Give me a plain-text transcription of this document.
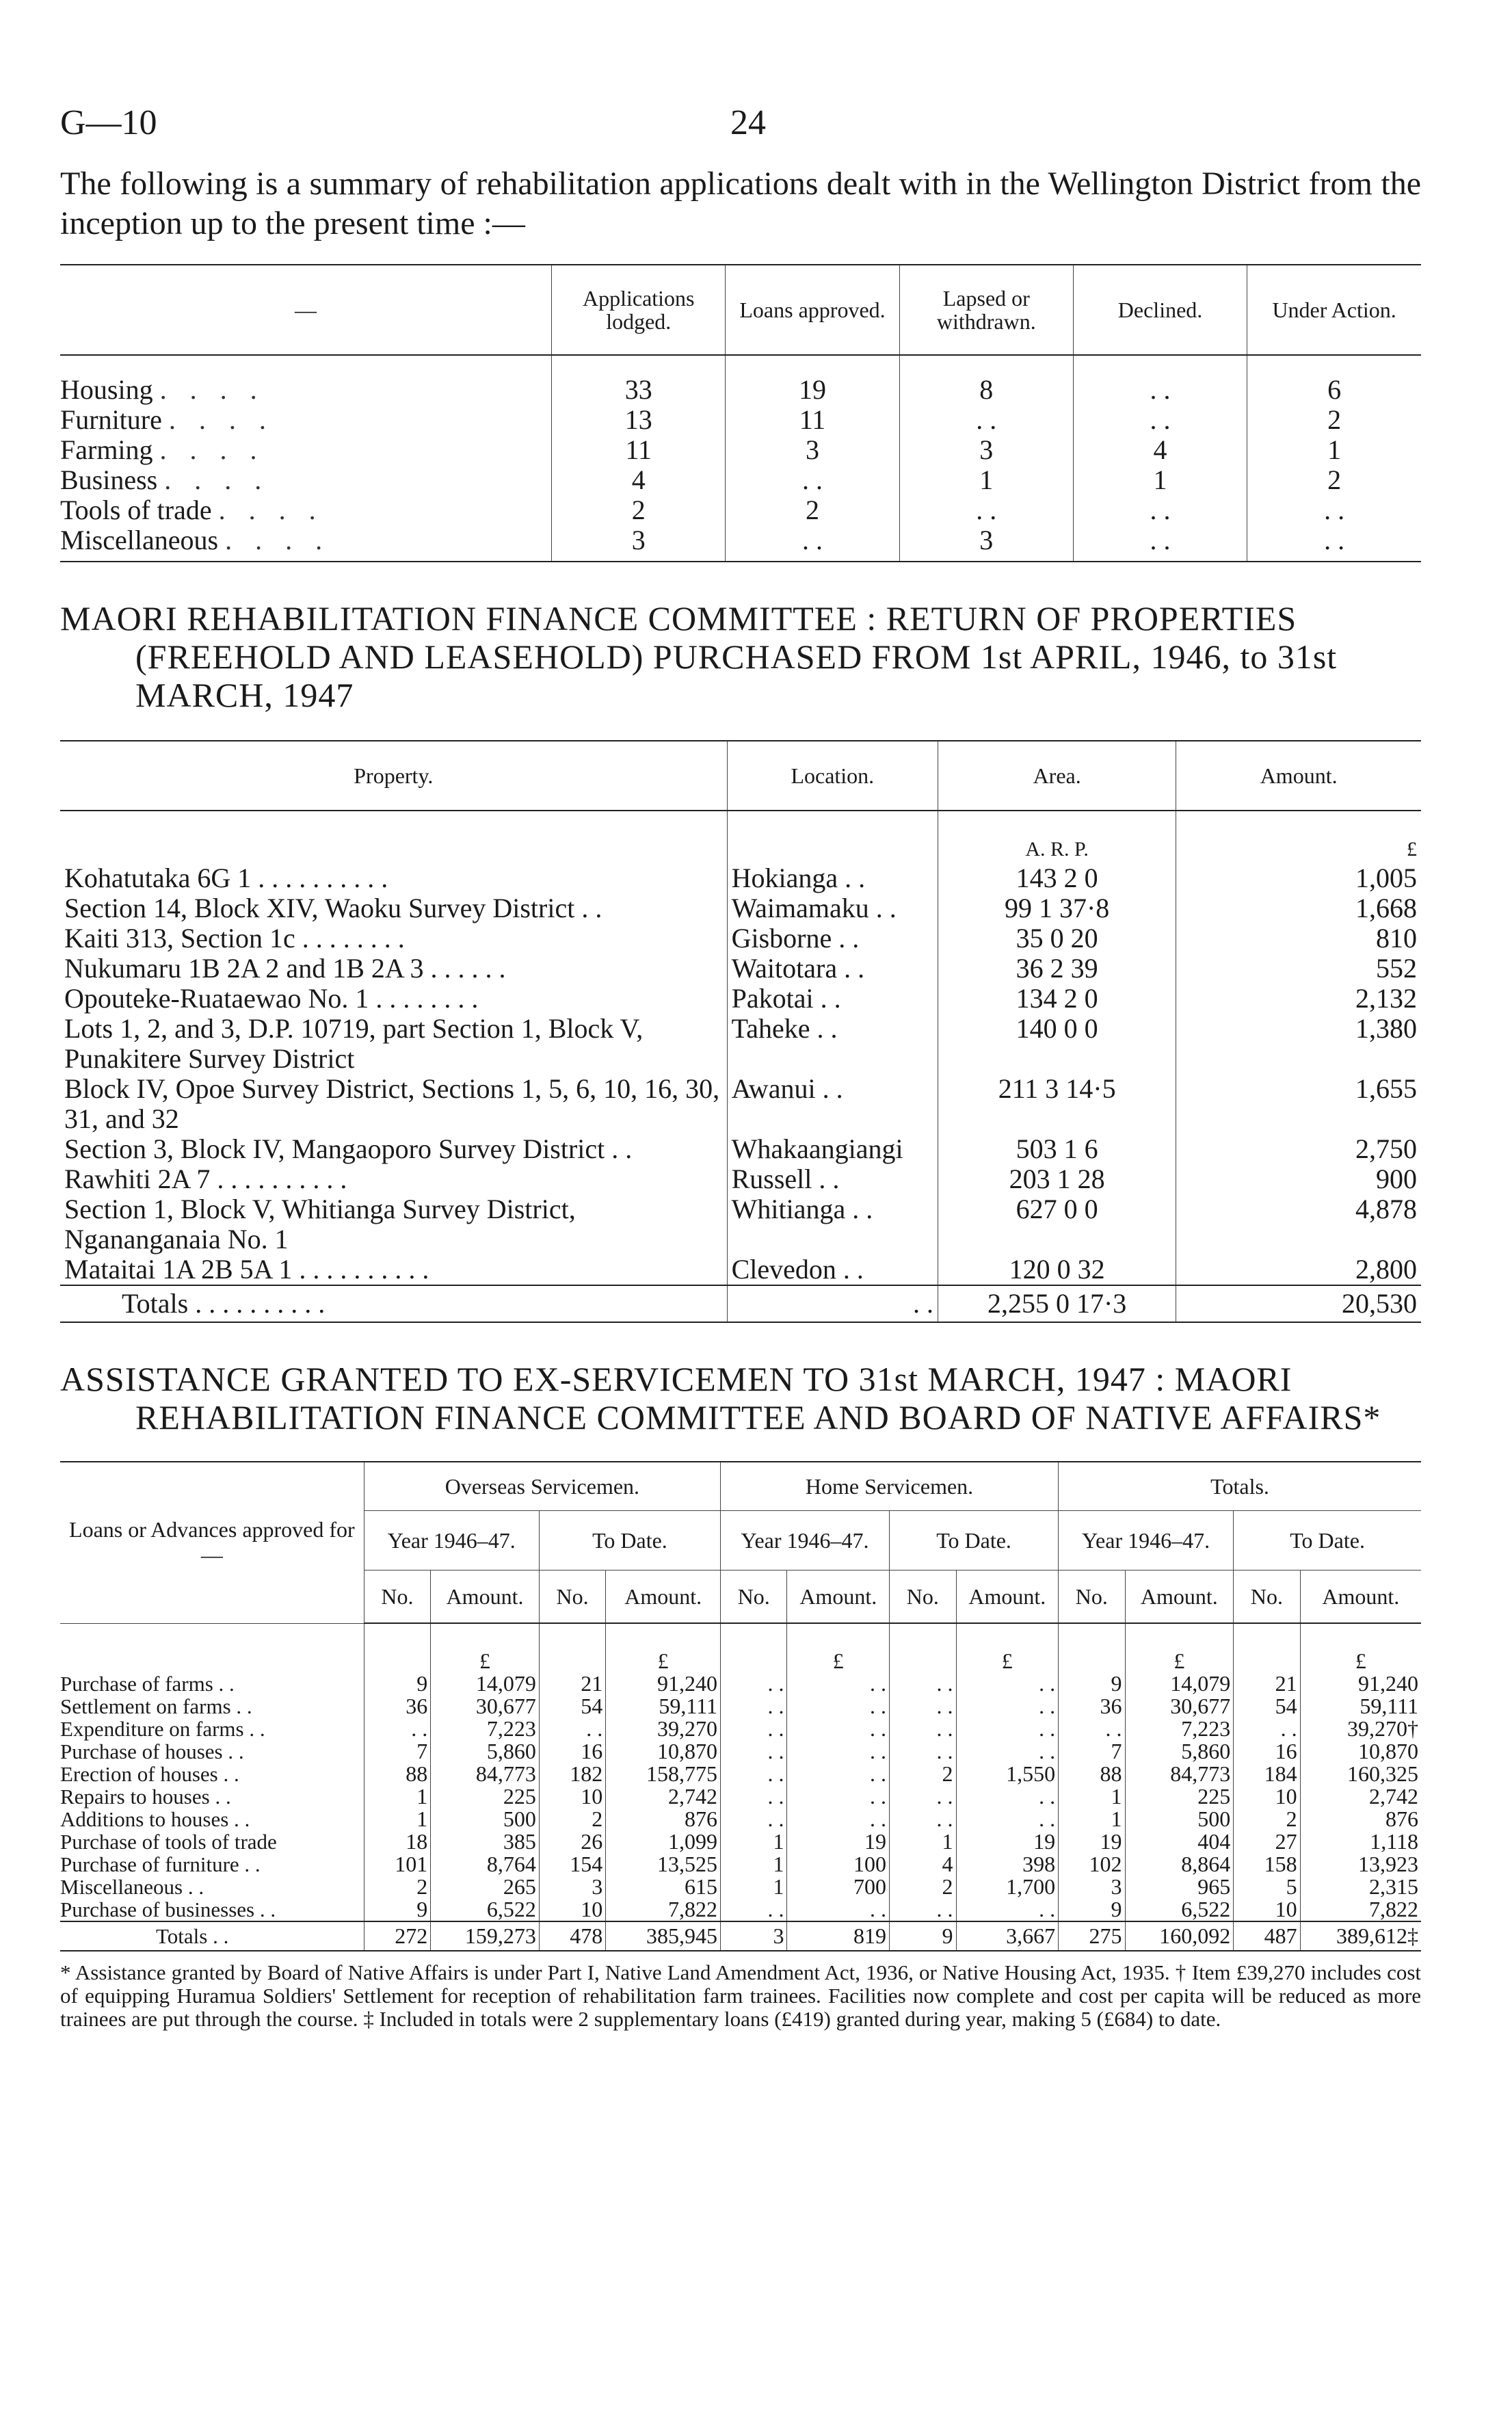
G—10	24

The following is a summary of rehabilitation applications dealt with in the Wellington District from the inception up to the present time :—

—	Applications lodged.	Loans approved.	Lapsed or withdrawn.	Declined.	Under Action.
Housing . . . .	33	19	8	. .	6
Furniture . . . .	13	11	. .	. .	2
Farming . . . .	11	3	3	4	1
Business . . . .	4	. .	1	1	2
Tools of trade . . . .	2	2	. .	. .	. .
Miscellaneous . . . .	3	. .	3	. .	. .
MAORI REHABILITATION FINANCE COMMITTEE : RETURN OF PROPERTIES (FREEHOLD AND LEASEHOLD) PURCHASED FROM 1st APRIL, 1946, to 31st MARCH, 1947
Property.	Location.	Area.	Amount.
		A. R. P.	£
Kohatutaka 6G 1 . . . . . . . . . .	Hokianga . .	143 2 0	1,005
Section 14, Block XIV, Waoku Survey District . .	Waimamaku . .	99 1 37·8	1,668
Kaiti 313, Section 1c . . . . . . . .	Gisborne . .	35 0 20	810
Nukumaru 1B 2A 2 and 1B 2A 3 . . . . . .	Waitotara . .	36 2 39	552
Opouteke-Ruataewao No. 1 . . . . . . . .	Pakotai . .	134 2 0	2,132
Lots 1, 2, and 3, D.P. 10719, part Section 1, Block V, Punakitere Survey District	Taheke . .	140 0 0	1,380
Block IV, Opoe Survey District, Sections 1, 5, 6, 10, 16, 30, 31, and 32	Awanui . .	211 3 14·5	1,655
Section 3, Block IV, Mangaoporo Survey District . .	Whakaangiangi	503 1 6	2,750
Rawhiti 2A 7 . . . . . . . . . .	Russell . .	203 1 28	900
Section 1, Block V, Whitianga Survey District, Ngananganaia No. 1	Whitianga . .	627 0 0	4,878
Mataitai 1A 2B 5A 1 . . . . . . . . . .	Clevedon . .	120 0 32	2,800
Totals . . . . . . . . . .	. .	2,255 0 17·3	20,530
ASSISTANCE GRANTED TO EX-SERVICEMEN TO 31st MARCH, 1947 : MAORI REHABILITATION FINANCE COMMITTEE AND BOARD OF NATIVE AFFAIRS*
Loans or Advances approved for—	Overseas Servicemen.				Home Servicemen.				Totals.			
	Year 1946–47.		To Date.		Year 1946–47.		To Date.		Year 1946–47.		To Date.	
	No.	Amount.	No.	Amount.	No.	Amount.	No.	Amount.	No.	Amount.	No.	Amount.
		£		£		£		£		£		£
Purchase of farms . .	9	14,079	21	91,240	. .	. .	. .	. .	9	14,079	21	91,240
Settlement on farms . .	36	30,677	54	59,111	. .	. .	. .	. .	36	30,677	54	59,111
Expenditure on farms . .	. .	7,223	. .	39,270	. .	. .	. .	. .	. .	7,223	. .	39,270†
Purchase of houses . .	7	5,860	16	10,870	. .	. .	. .	. .	7	5,860	16	10,870
Erection of houses . .	88	84,773	182	158,775	. .	. .	2	1,550	88	84,773	184	160,325
Repairs to houses . .	1	225	10	2,742	. .	. .	. .	. .	1	225	10	2,742
Additions to houses . .	1	500	2	876	. .	. .	. .	. .	1	500	2	876
Purchase of tools of trade	18	385	26	1,099	1	19	1	19	19	404	27	1,118
Purchase of furniture . .	101	8,764	154	13,525	1	100	4	398	102	8,864	158	13,923
Miscellaneous . .	2	265	3	615	1	700	2	1,700	3	965	5	2,315
Purchase of businesses . .	9	6,522	10	7,822	. .	. .	. .	. .	9	6,522	10	7,822
Totals . .	272	159,273	478	385,945	3	819	9	3,667	275	160,092	487	389,612‡
* Assistance granted by Board of Native Affairs is under Part I, Native Land Amendment Act, 1936, or Native Housing Act, 1935. † Item £39,270 includes cost of equipping Huramua Soldiers' Settlement for reception of rehabilitation farm trainees. Facilities now complete and cost per capita will be reduced as more trainees are put through the course. ‡ Included in totals were 2 supplementary loans (£419) granted during year, making 5 (£684) to date.
